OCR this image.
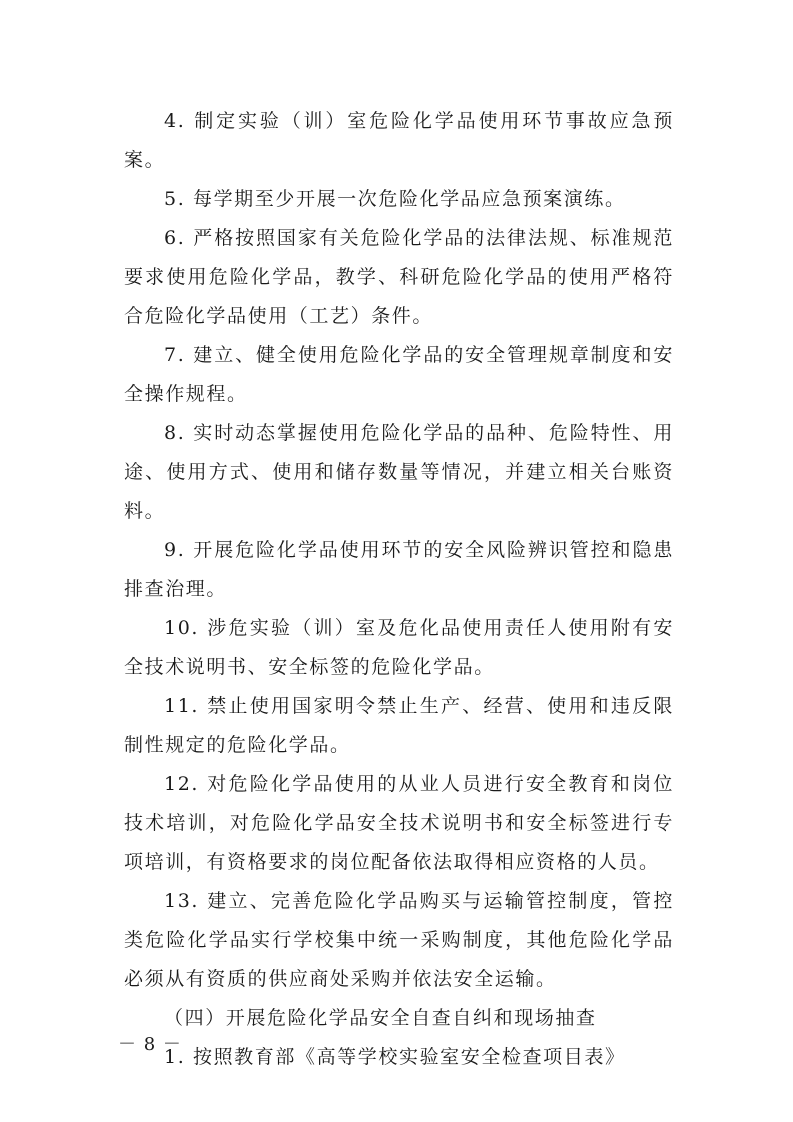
4. 制定实验（训）室危险化学品使用环节事故应急预案。

5. 每学期至少开展一次危险化学品应急预案演练。

6. 严格按照国家有关危险化学品的法律法规、标准规范要求使用危险化学品，教学、科研危险化学品的使用严格符合危险化学品使用（工艺）条件。

7. 建立、健全使用危险化学品的安全管理规章制度和安全操作规程。

8. 实时动态掌握使用危险化学品的品种、危险特性、用途、使用方式、使用和储存数量等情况，并建立相关台账资料。

9. 开展危险化学品使用环节的安全风险辨识管控和隐患排查治理。

10. 涉危实验（训）室及危化品使用责任人使用附有安全技术说明书、安全标签的危险化学品。

11. 禁止使用国家明令禁止生产、经营、使用和违反限制性规定的危险化学品。

12. 对危险化学品使用的从业人员进行安全教育和岗位技术培训，对危险化学品安全技术说明书和安全标签进行专项培训，有资格要求的岗位配备依法取得相应资格的人员。

13. 建立、完善危险化学品购买与运输管控制度，管控类危险化学品实行学校集中统一采购制度，其他危险化学品必须从有资质的供应商处采购并依法安全运输。

（四）开展危险化学品安全自查自纠和现场抽查

1. 按照教育部《高等学校实验室安全检查项目表》

－ 8 －
